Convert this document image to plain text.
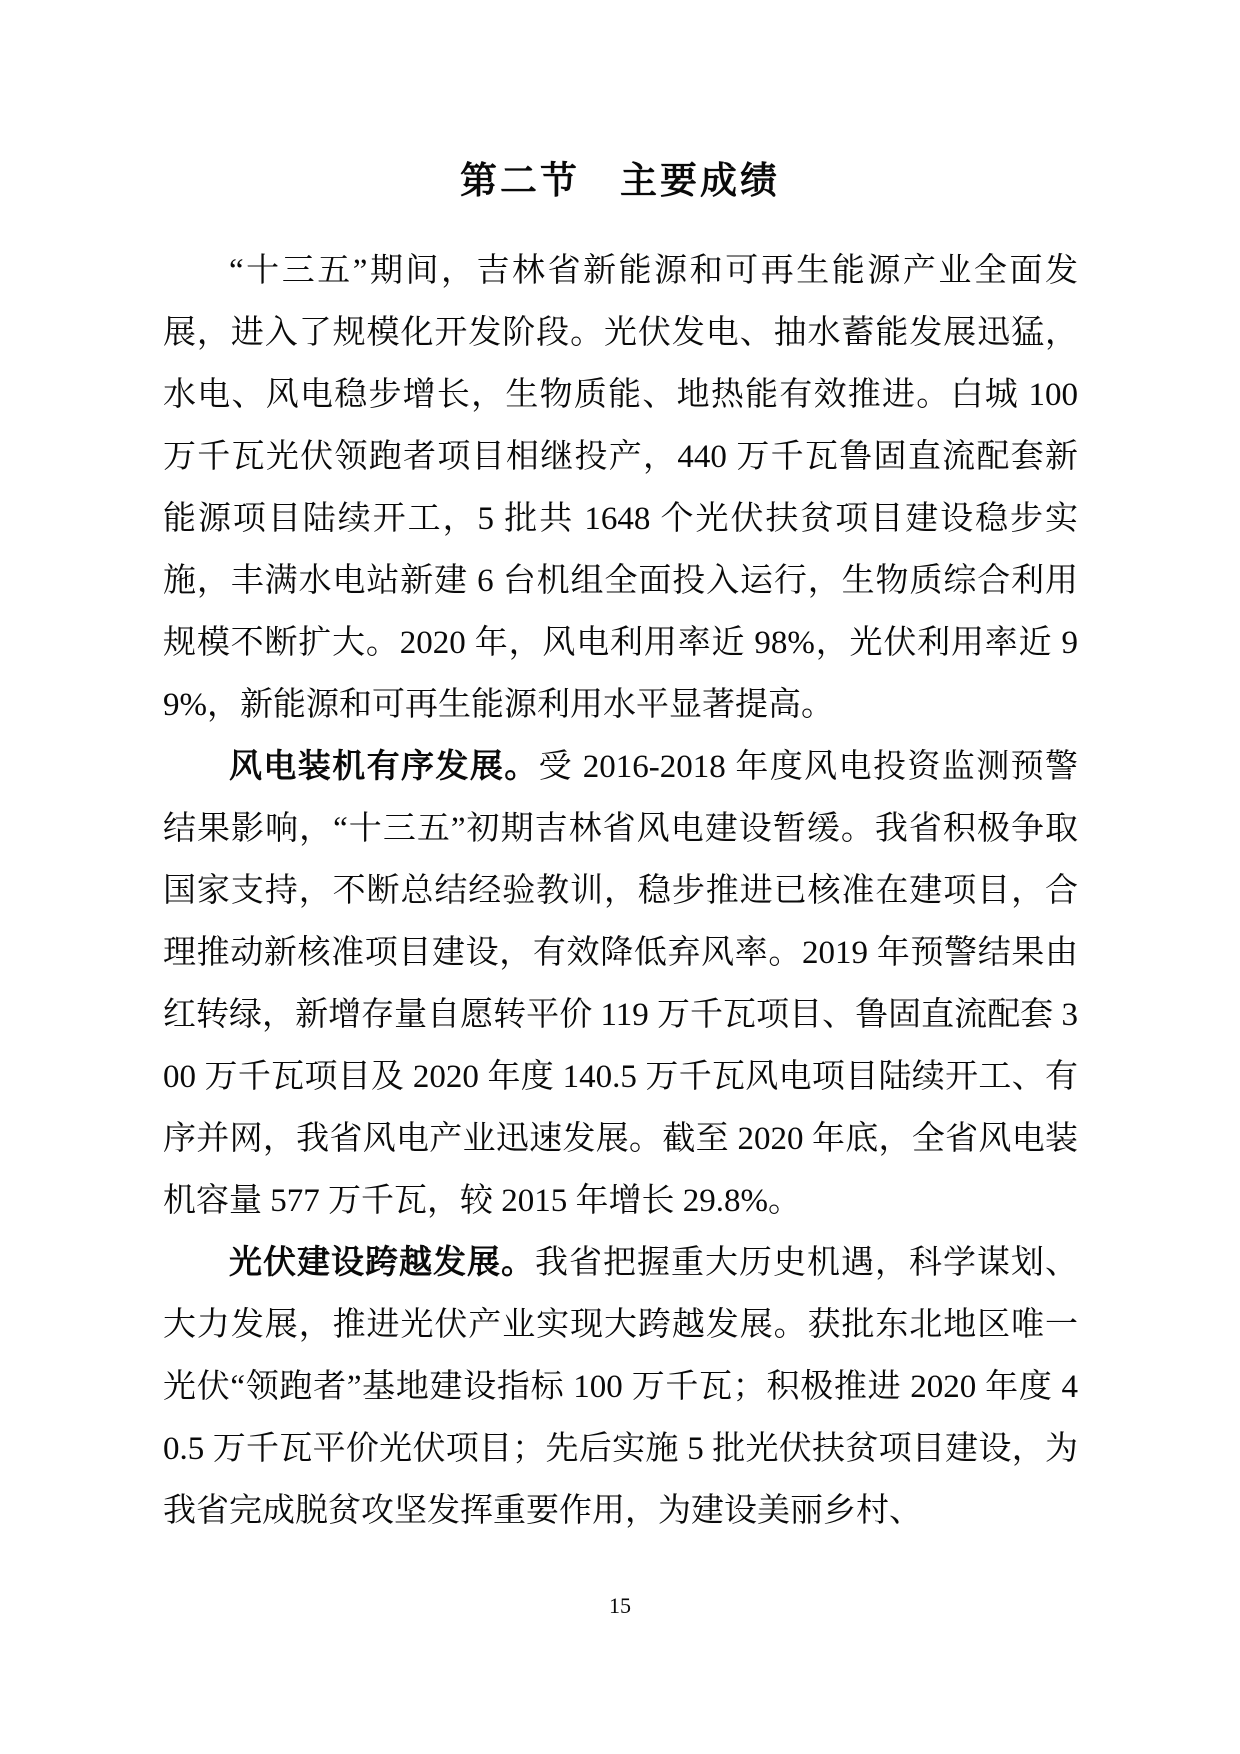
第二节　主要成绩

“十三五”期间，吉林省新能源和可再生能源产业全面发展，进入了规模化开发阶段。光伏发电、抽水蓄能发展迅猛，水电、风电稳步增长，生物质能、地热能有效推进。白城 100 万千瓦光伏领跑者项目相继投产，440 万千瓦鲁固直流配套新能源项目陆续开工，5 批共 1648 个光伏扶贫项目建设稳步实施，丰满水电站新建 6 台机组全面投入运行，生物质综合利用规模不断扩大。2020 年，风电利用率近 98%，光伏利用率近 99%，新能源和可再生能源利用水平显著提高。

风电装机有序发展。受 2016-2018 年度风电投资监测预警结果影响，“十三五”初期吉林省风电建设暂缓。我省积极争取国家支持，不断总结经验教训，稳步推进已核准在建项目，合理推动新核准项目建设，有效降低弃风率。2019 年预警结果由红转绿，新增存量自愿转平价 119 万千瓦项目、鲁固直流配套 300 万千瓦项目及 2020 年度 140.5 万千瓦风电项目陆续开工、有序并网，我省风电产业迅速发展。截至 2020 年底，全省风电装机容量 577 万千瓦，较 2015 年增长 29.8%。

光伏建设跨越发展。我省把握重大历史机遇，科学谋划、大力发展，推进光伏产业实现大跨越发展。获批东北地区唯一光伏“领跑者”基地建设指标 100 万千瓦；积极推进 2020 年度 40.5 万千瓦平价光伏项目；先后实施 5 批光伏扶贫项目建设，为我省完成脱贫攻坚发挥重要作用，为建设美丽乡村、

15
